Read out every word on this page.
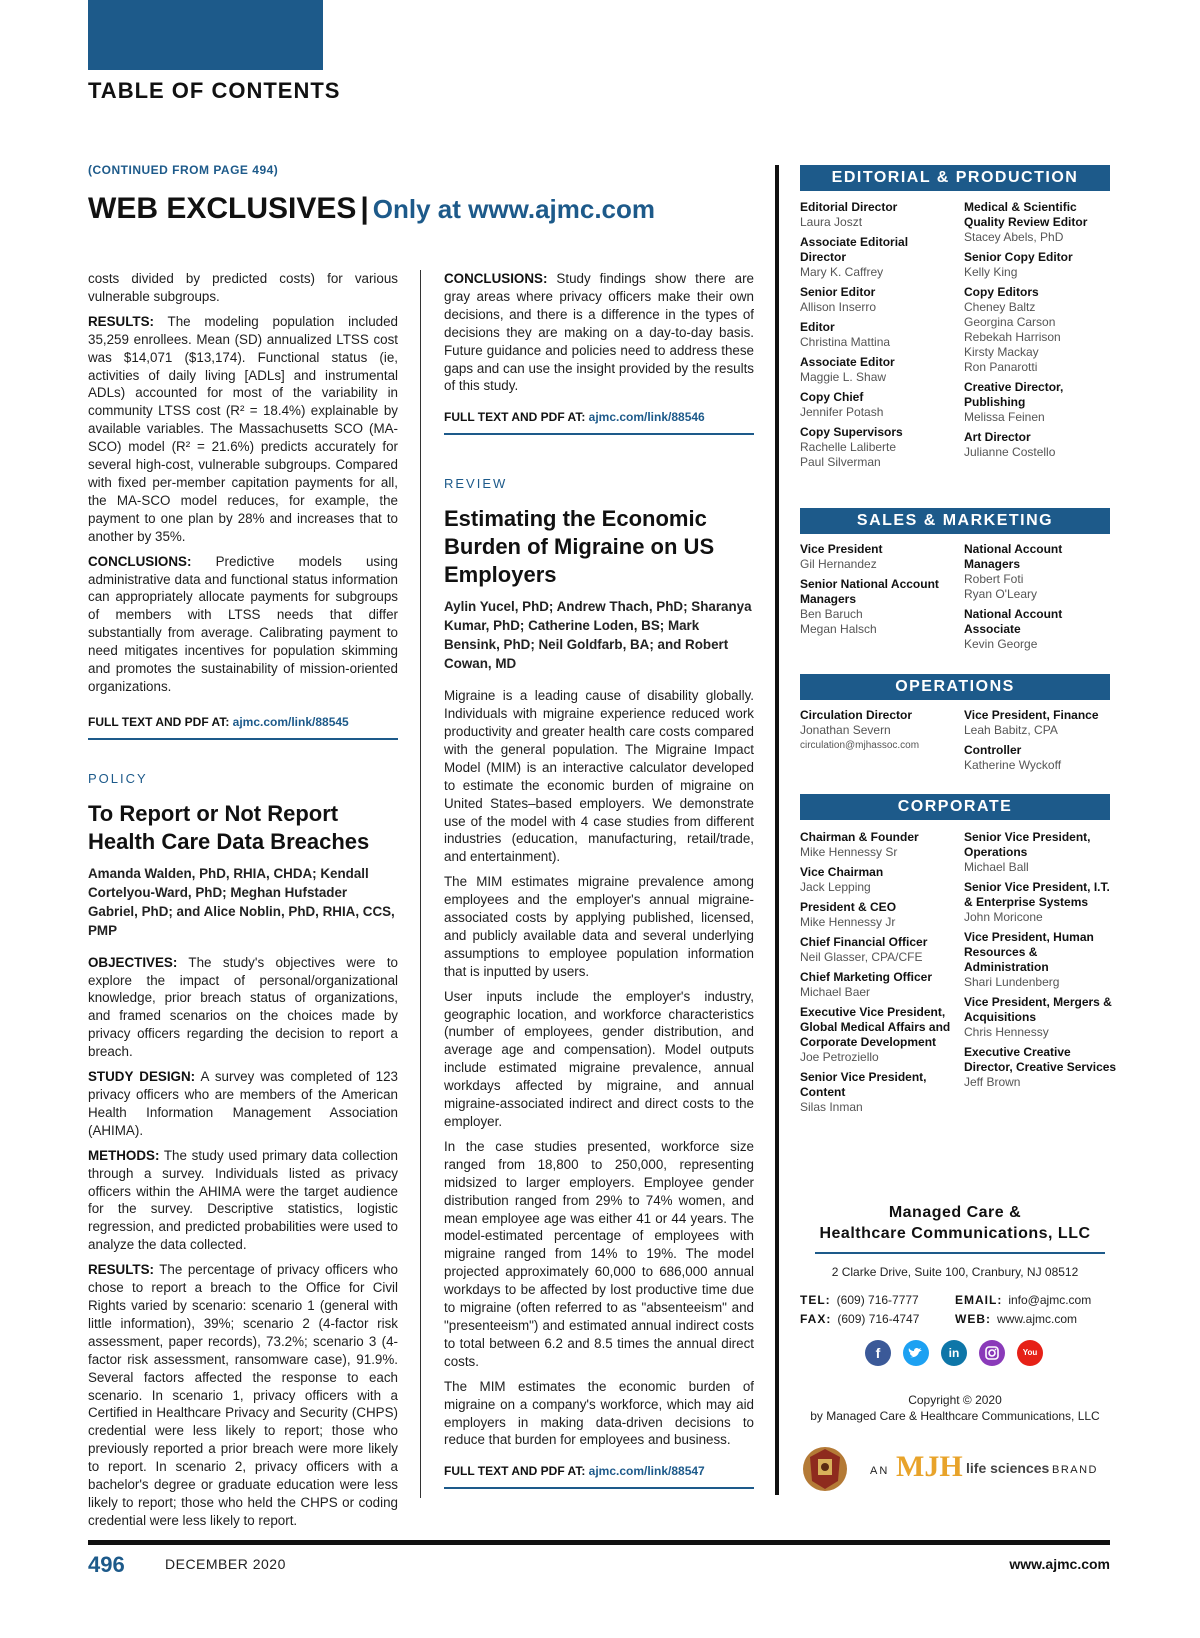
TABLE OF CONTENTS
(CONTINUED FROM PAGE 494)
WEB EXCLUSIVES | Only at www.ajmc.com

costs divided by predicted costs) for various vulnerable subgroups.

RESULTS: The modeling population included 35,259 enrollees. Mean (SD) annualized LTSS cost was $14,071 ($13,174). Functional status (ie, activities of daily living [ADLs] and instrumental ADLs) accounted for most of the variability in community LTSS cost (R² = 18.4%) explainable by available variables. The Massachusetts SCO (MA-SCO) model (R² = 21.6%) predicts accurately for several high-cost, vulnerable subgroups. Compared with fixed per-member capitation payments for all, the MA-SCO model reduces, for example, the payment to one plan by 28% and increases that to another by 35%.

CONCLUSIONS: Predictive models using administrative data and functional status information can appropriately allocate payments for subgroups of members with LTSS needs that differ substantially from average. Calibrating payment to need mitigates incentives for population skimming and promotes the sustainability of mission-oriented organizations.

FULL TEXT AND PDF AT: ajmc.com/link/88545
POLICY
To Report or Not Report Health Care Data Breaches
Amanda Walden, PhD, RHIA, CHDA; Kendall Cortelyou-Ward, PhD; Meghan Hufstader Gabriel, PhD; and Alice Noblin, PhD, RHIA, CCS, PMP

OBJECTIVES: The study's objectives were to explore the impact of personal/organizational knowledge, prior breach status of organizations, and framed scenarios on the choices made by privacy officers regarding the decision to report a breach.

STUDY DESIGN: A survey was completed of 123 privacy officers who are members of the American Health Information Management Association (AHIMA).

METHODS: The study used primary data collection through a survey. Individuals listed as privacy officers within the AHIMA were the target audience for the survey. Descriptive statistics, logistic regression, and predicted probabilities were used to analyze the data collected.

RESULTS: The percentage of privacy officers who chose to report a breach to the Office for Civil Rights varied by scenario: scenario 1 (general with little information), 39%; scenario 2 (4-factor risk assessment, paper records), 73.2%; scenario 3 (4-factor risk assessment, ransomware case), 91.9%. Several factors affected the response to each scenario. In scenario 1, privacy officers with a Certified in Healthcare Privacy and Security (CHPS) credential were less likely to report; those who previously reported a prior breach were more likely to report. In scenario 2, privacy officers with a bachelor's degree or graduate education were less likely to report; those who held the CHPS or coding credential were less likely to report.

CONCLUSIONS: Study findings show there are gray areas where privacy officers make their own decisions, and there is a difference in the types of decisions they are making on a day-to-day basis. Future guidance and policies need to address these gaps and can use the insight provided by the results of this study.

FULL TEXT AND PDF AT: ajmc.com/link/88546
REVIEW
Estimating the Economic Burden of Migraine on US Employers
Aylin Yucel, PhD; Andrew Thach, PhD; Sharanya Kumar, PhD; Catherine Loden, BS; Mark Bensink, PhD; Neil Goldfarb, BA; and Robert Cowan, MD

Migraine is a leading cause of disability globally. Individuals with migraine experience reduced work productivity and greater health care costs compared with the general population. The Migraine Impact Model (MIM) is an interactive calculator developed to estimate the economic burden of migraine on United States–based employers. We demonstrate use of the model with 4 case studies from different industries (education, manufacturing, retail/trade, and entertainment).

The MIM estimates migraine prevalence among employees and the employer's annual migraine-associated costs by applying published, licensed, and publicly available data and several underlying assumptions to employee population information that is inputted by users.

User inputs include the employer's industry, geographic location, and workforce characteristics (number of employees, gender distribution, and average age and compensation). Model outputs include estimated migraine prevalence, annual workdays affected by migraine, and annual migraine-associated indirect and direct costs to the employer.

In the case studies presented, workforce size ranged from 18,800 to 250,000, representing midsized to larger employers. Employee gender distribution ranged from 29% to 74% women, and mean employee age was either 41 or 44 years. The model-estimated percentage of employees with migraine ranged from 14% to 19%. The model projected approximately 60,000 to 686,000 annual workdays to be affected by lost productive time due to migraine (often referred to as "absenteeism" and "presenteeism") and estimated annual indirect costs to total between 6.2 and 8.5 times the annual direct costs.

The MIM estimates the economic burden of migraine on a company's workforce, which may aid employers in making data-driven decisions to reduce that burden for employees and business.

FULL TEXT AND PDF AT: ajmc.com/link/88547
EDITORIAL & PRODUCTION
Editorial Director
Laura Joszt
Associate Editorial Director
Mary K. Caffrey
Senior Editor
Allison Inserro
Editor
Christina Mattina
Associate Editor
Maggie L. Shaw
Copy Chief
Jennifer Potash
Copy Supervisors
Rachelle Laliberte
Paul Silverman
Medical & Scientific Quality Review Editor
Stacey Abels, PhD
Senior Copy Editor
Kelly King
Copy Editors
Cheney Baltz
Georgina Carson
Rebekah Harrison
Kirsty Mackay
Ron Panarotti
Creative Director, Publishing
Melissa Feinen
Art Director
Julianne Costello
SALES & MARKETING
Vice President
Gil Hernandez
Senior National Account Managers
Ben Baruch
Megan Halsch
National Account Managers
Robert Foti
Ryan O'Leary
National Account Associate
Kevin George
OPERATIONS
Circulation Director
Jonathan Severn
circulation@mjhassoc.com
Vice President, Finance
Leah Babitz, CPA
Controller
Katherine Wyckoff
CORPORATE
Chairman & Founder
Mike Hennessy Sr
Vice Chairman
Jack Lepping
President & CEO
Mike Hennessy Jr
Chief Financial Officer
Neil Glasser, CPA/CFE
Chief Marketing Officer
Michael Baer
Executive Vice President, Global Medical Affairs and Corporate Development
Joe Petroziello
Senior Vice President, Content
Silas Inman
Senior Vice President, Operations
Michael Ball
Senior Vice President, I.T. & Enterprise Systems
John Moricone
Vice President, Human Resources & Administration
Shari Lundenberg
Vice President, Mergers & Acquisitions
Chris Hennessy
Executive Creative Director, Creative Services
Jeff Brown
Managed Care &
Healthcare Communications, LLC
2 Clarke Drive, Suite 100, Cranbury, NJ 08512
TEL: (609) 716-7777
FAX: (609) 716-4747
EMAIL: info@ajmc.com
WEB: www.ajmc.com
f	in	You
Copyright © 2020
by Managed Care & Healthcare Communications, LLC
AN MJH life sciences BRAND
496	DECEMBER 2020	www.ajmc.com
